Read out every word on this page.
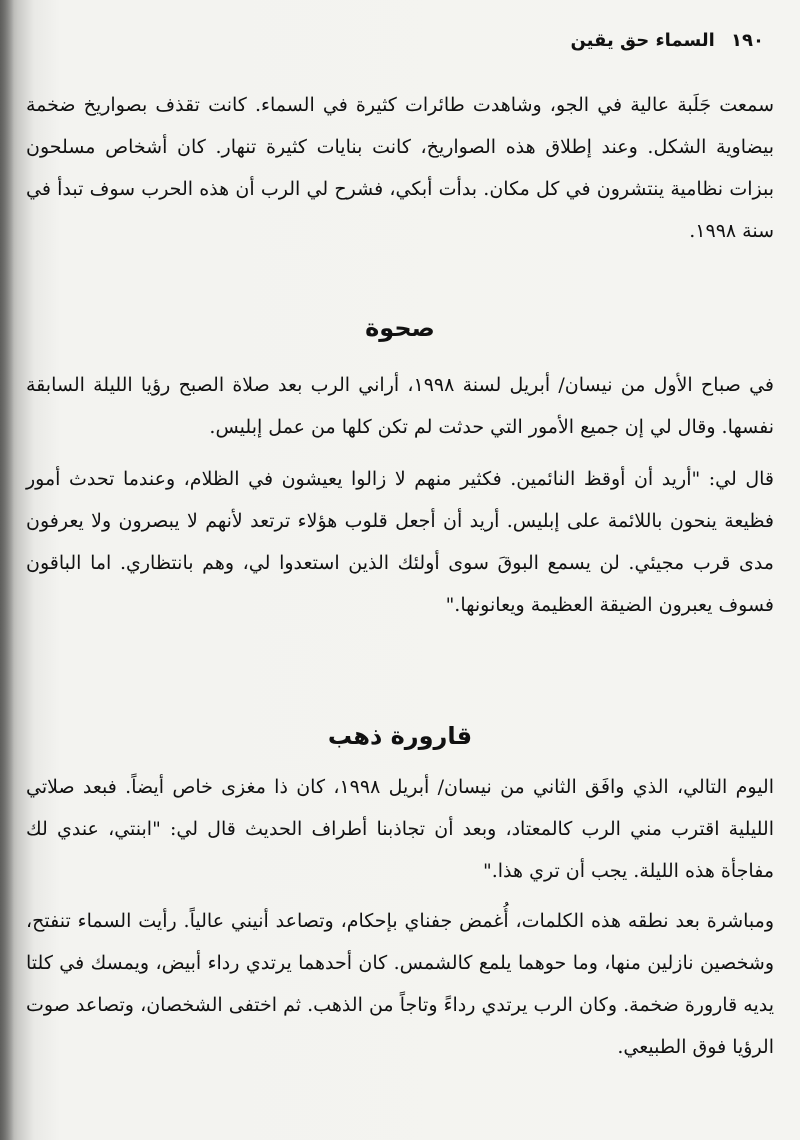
١٩٠ السماء حق يقين

سمعت جَلَبة عالية في الجو، وشاهدت طائرات كثيرة في السماء. كانت تقذف بصواريخ ضخمة بيضاوية الشكل. وعند إطلاق هذه الصواريخ، كانت بنايات كثيرة تنهار. كان أشخاص مسلحون ببزات نظامية ينتشرون في كل مكان. بدأت أبكي، فشرح لي الرب أن هذه الحرب سوف تبدأ في سنة ١٩٩٨.

صحوة

في صباح الأول من نيسان/ أبريل لسنة ١٩٩٨، أراني الرب بعد صلاة الصبح رؤيا الليلة السابقة نفسها. وقال لي إن جميع الأمور التي حدثت لم تكن كلها من عمل إبليس.

قال لي: "أريد أن أوقظ النائمين. فكثير منهم لا زالوا يعيشون في الظلام، وعندما تحدث أمور فظيعة ينحون باللائمة على إبليس. أريد أن أجعل قلوب هؤلاء ترتعد لأنهم لا يبصرون ولا يعرفون مدى قرب مجيئي. لن يسمع البوقَ سوى أولئك الذين استعدوا لي، وهم بانتظاري. اما الباقون فسوف يعبرون الضيقة العظيمة ويعانونها."

قارورة ذهب

اليوم التالي، الذي وافَق الثاني من نيسان/ أبريل ١٩٩٨، كان ذا مغزى خاص أيضاً. فبعد صلاتي الليلية اقترب مني الرب كالمعتاد، وبعد أن تجاذبنا أطراف الحديث قال لي: "ابنتي، عندي لك مفاجأة هذه الليلة. يجب أن تري هذا."

ومباشرة بعد نطقه هذه الكلمات، أُغمض جفناي بإحكام، وتصاعد أنيني عالياً. رأيت السماء تنفتح، وشخصين نازلين منها، وما حوهما يلمع كالشمس. كان أحدهما يرتدي رداء أبيض، ويمسك في كلتا يديه قارورة ضخمة. وكان الرب يرتدي رداءً وتاجاً من الذهب. ثم اختفى الشخصان، وتصاعد صوت الرؤيا فوق الطبيعي.
